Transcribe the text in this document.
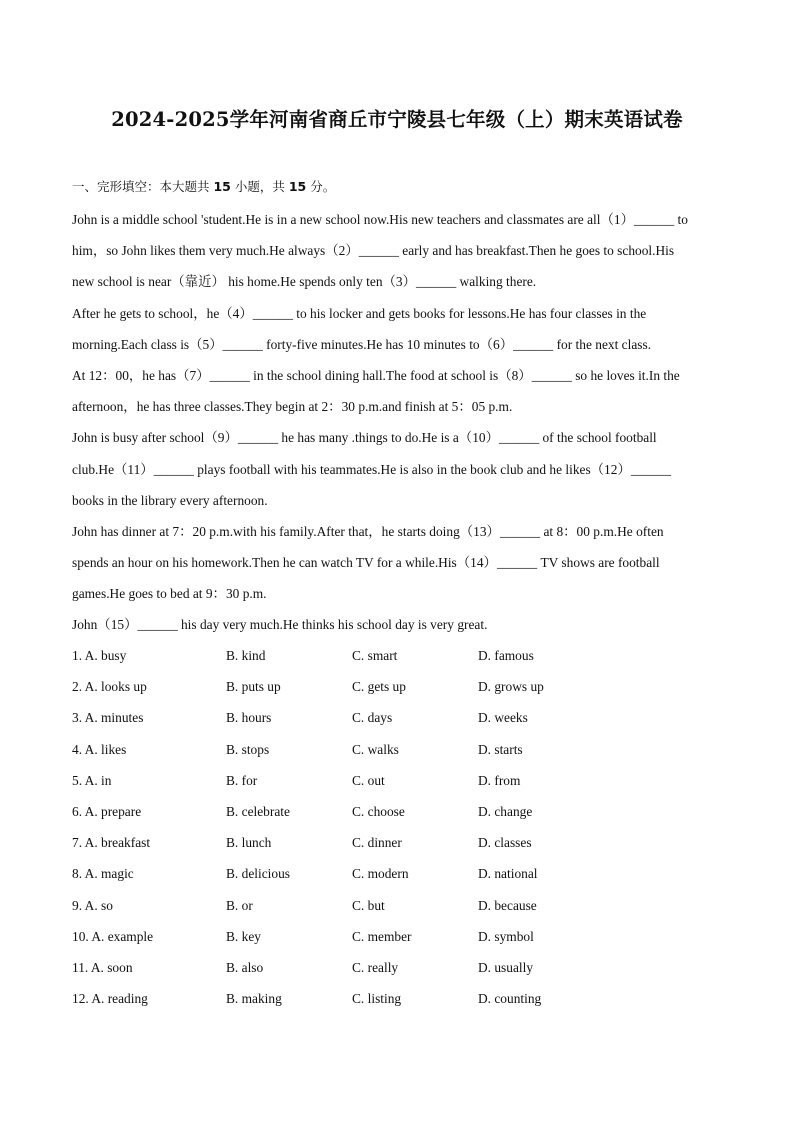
2024-2025学年河南省商丘市宁陵县七年级（上）期末英语试卷
一、完形填空：本大题共 15 小题，共 15 分。
John is a middle school 'student.He is in a new school now.His new teachers and classmates are all（1）______ to
him，so John likes them very much.He always（2）______ early and has breakfast.Then he goes to school.His
new school is near（靠近） his home.He spends only ten（3）______ walking there.
After he gets to school，he（4）______ to his locker and gets books for lessons.He has four classes in the
morning.Each class is（5）______ forty-five minutes.He has 10 minutes to（6）______ for the next class.
At 12：00，he has（7）______ in the school dining hall.The food at school is（8）______ so he loves it.In the
afternoon，he has three classes.They begin at 2：30 p.m.and finish at 5：05 p.m.
John is busy after school（9）______ he has many .things to do.He is a（10）______ of the school football
club.He（11）______ plays football with his teammates.He is also in the book club and he likes（12）______
books in the library every afternoon.
John has dinner at 7：20 p.m.with his family.After that，he starts doing（13）______ at 8：00 p.m.He often
spends an hour on his homework.Then he can watch TV for a while.His（14）______ TV shows are football
games.He goes to bed at 9：30 p.m.
John（15）______ his day very much.He thinks his school day is very great.
1. A. busy	B. kind	C. smart	D. famous
2. A. looks up	B. puts up	C. gets up	D. grows up
3. A. minutes	B. hours	C. days	D. weeks
4. A. likes	B. stops	C. walks	D. starts
5. A. in	B. for	C. out	D. from
6. A. prepare	B. celebrate	C. choose	D. change
7. A. breakfast	B. lunch	C. dinner	D. classes
8. A. magic	B. delicious	C. modern	D. national
9. A. so	B. or	C. but	D. because
10. A. example	B. key	C. member	D. symbol
11. A. soon	B. also	C. really	D. usually
12. A. reading	B. making	C. listing	D. counting
